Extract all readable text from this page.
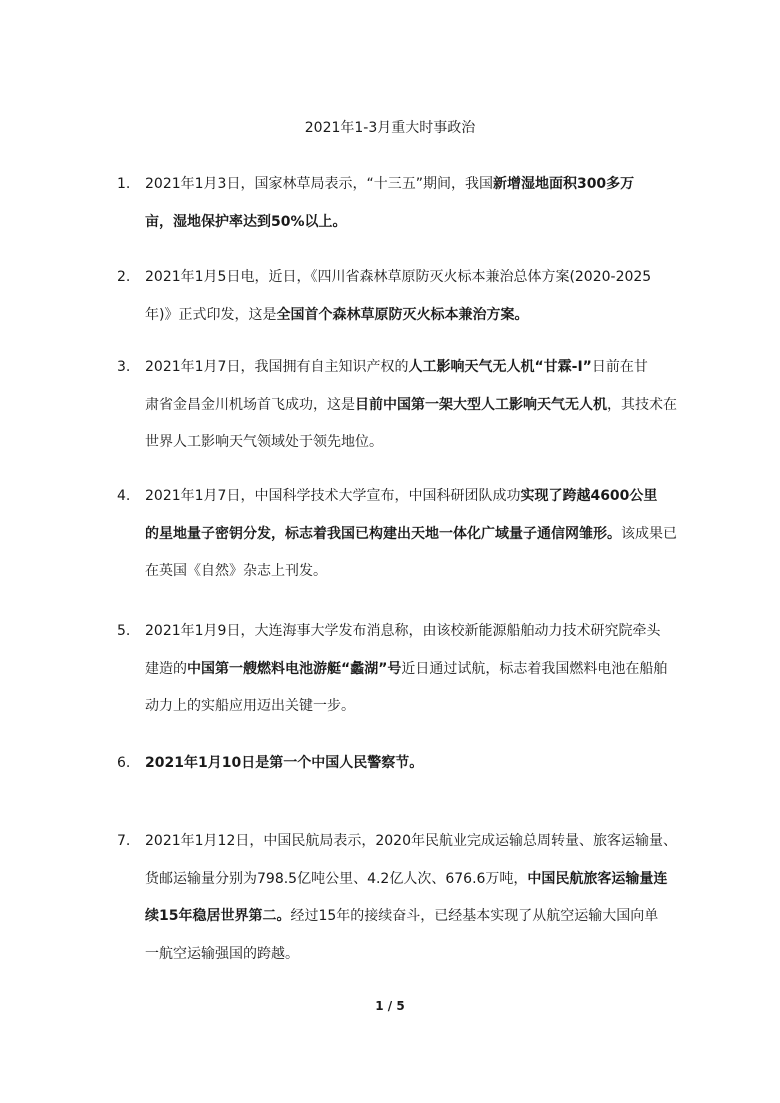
2021年1-3月重大时事政治
1. 2021年1月3日，国家林草局表示，“十三五”期间，我国新增湿地面积300多万
亩，湿地保护率达到50%以上。
2. 2021年1月5日电，近日，《四川省森林草原防灭火标本兼治总体方案(2020-2025
年)》正式印发，这是全国首个森林草原防灭火标本兼治方案。
3. 2021年1月7日，我国拥有自主知识产权的人工影响天气无人机“甘霖-I”日前在甘
肃省金昌金川机场首飞成功，这是目前中国第一架大型人工影响天气无人机，其技术在
世界人工影响天气领域处于领先地位。
4. 2021年1月7日，中国科学技术大学宣布，中国科研团队成功实现了跨越4600公里
的星地量子密钥分发，标志着我国已构建出天地一体化广域量子通信网雏形。该成果已
在英国《自然》杂志上刊发。
5. 2021年1月9日，大连海事大学发布消息称，由该校新能源船舶动力技术研究院牵头
建造的中国第一艘燃料电池游艇“蠡湖”号近日通过试航，标志着我国燃料电池在船舶
动力上的实船应用迈出关键一步。
6. 2021年1月10日是第一个中国人民警察节。
7. 2021年1月12日，中国民航局表示，2020年民航业完成运输总周转量、旅客运输量、
货邮运输量分别为798.5亿吨公里、4.2亿人次、676.6万吨，中国民航旅客运输量连
续15年稳居世界第二。经过15年的接续奋斗，已经基本实现了从航空运输大国向单
一航空运输强国的跨越。
1 / 5
